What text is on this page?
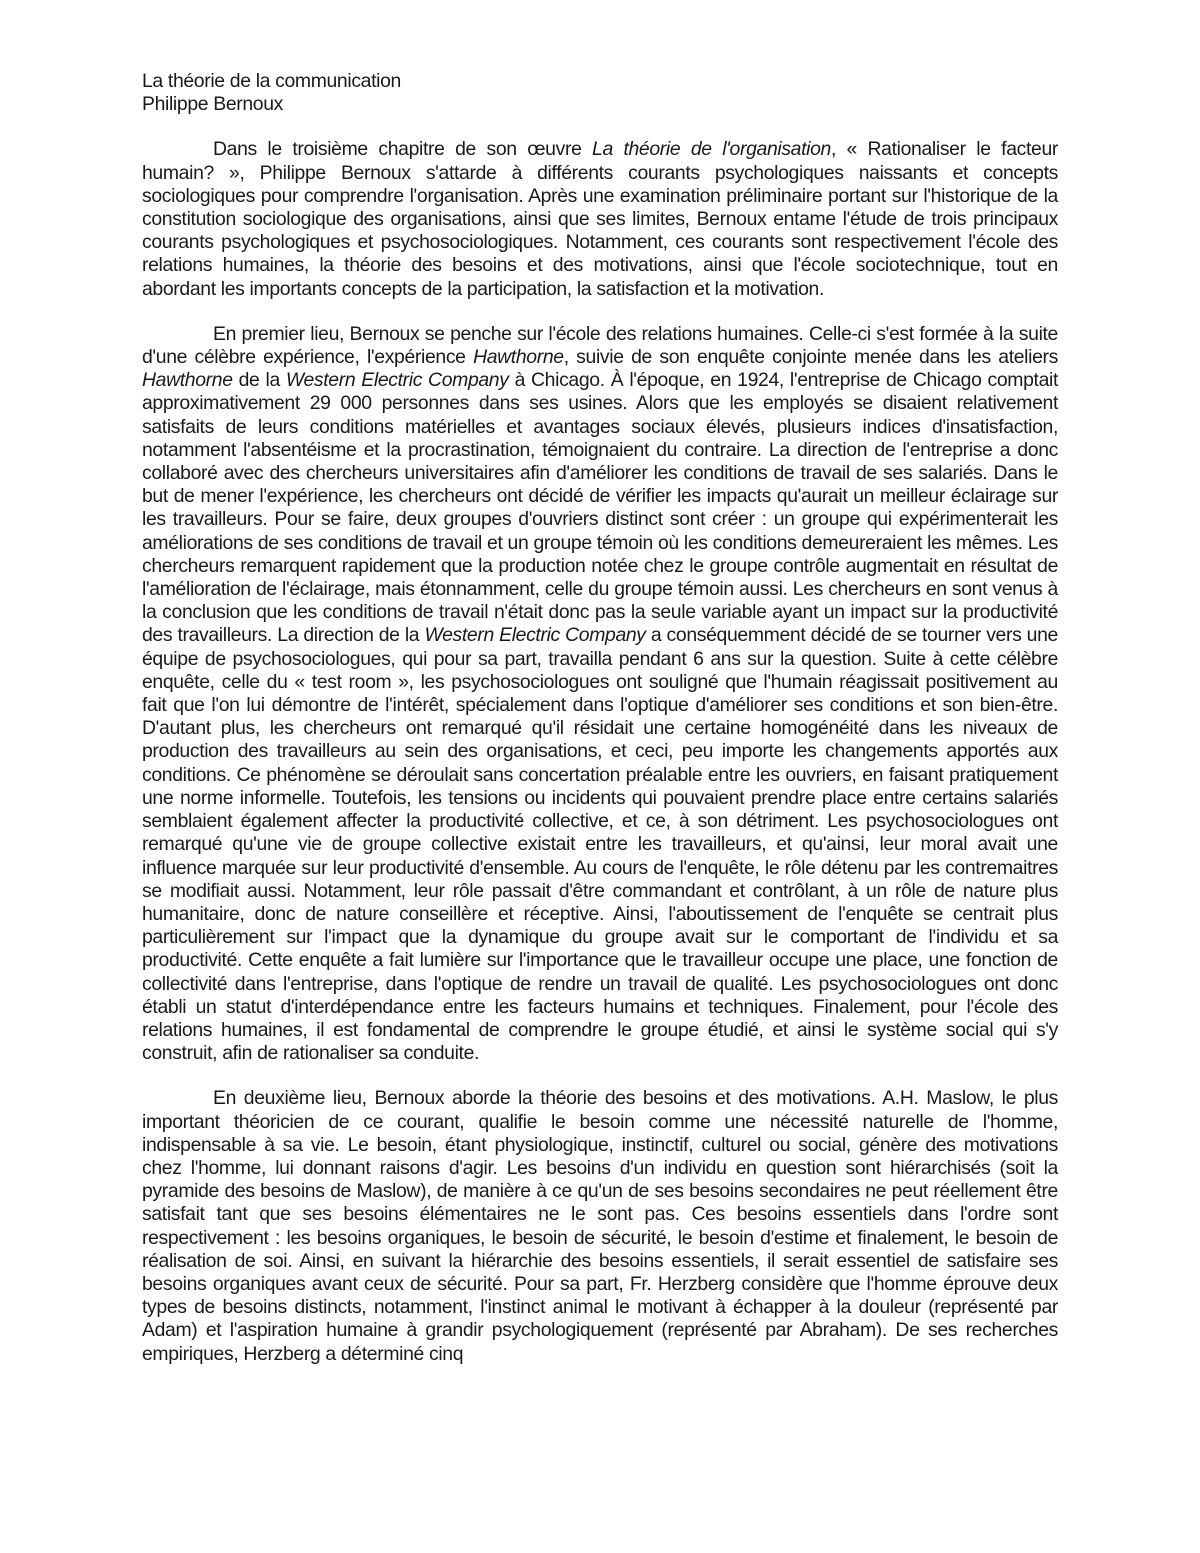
La théorie de la communication

Philippe Bernoux

Dans le troisième chapitre de son œuvre La théorie de l'organisation, « Rationaliser le facteur humain? », Philippe Bernoux s'attarde à différents courants psychologiques naissants et concepts sociologiques pour comprendre l'organisation. Après une examination préliminaire portant sur l'historique de la constitution sociologique des organisations, ainsi que ses limites, Bernoux entame l'étude de trois principaux courants psychologiques et psychosociologiques. Notamment, ces courants sont respectivement l'école des relations humaines, la théorie des besoins et des motivations, ainsi que l'école sociotechnique, tout en abordant les importants concepts de la participation, la satisfaction et la motivation.

En premier lieu, Bernoux se penche sur l'école des relations humaines. Celle-ci s'est formée à la suite d'une célèbre expérience, l'expérience Hawthorne, suivie de son enquête conjointe menée dans les ateliers Hawthorne de la Western Electric Company à Chicago. À l'époque, en 1924, l'entreprise de Chicago comptait approximativement 29 000 personnes dans ses usines. Alors que les employés se disaient relativement satisfaits de leurs conditions matérielles et avantages sociaux élevés, plusieurs indices d'insatisfaction, notamment l'absentéisme et la procrastination, témoignaient du contraire. La direction de l'entreprise a donc collaboré avec des chercheurs universitaires afin d'améliorer les conditions de travail de ses salariés. Dans le but de mener l'expérience, les chercheurs ont décidé de vérifier les impacts qu'aurait un meilleur éclairage sur les travailleurs. Pour se faire, deux groupes d'ouvriers distinct sont créer : un groupe qui expérimenterait les améliorations de ses conditions de travail et un groupe témoin où les conditions demeureraient les mêmes. Les chercheurs remarquent rapidement que la production notée chez le groupe contrôle augmentait en résultat de l'amélioration de l'éclairage, mais étonnamment, celle du groupe témoin aussi. Les chercheurs en sont venus à la conclusion que les conditions de travail n'était donc pas la seule variable ayant un impact sur la productivité des travailleurs. La direction de la Western Electric Company a conséquemment décidé de se tourner vers une équipe de psychosociologues, qui pour sa part, travailla pendant 6 ans sur la question. Suite à cette célèbre enquête, celle du « test room », les psychosociologues ont souligné que l'humain réagissait positivement au fait que l'on lui démontre de l'intérêt, spécialement dans l'optique d'améliorer ses conditions et son bien-être. D'autant plus, les chercheurs ont remarqué qu'il résidait une certaine homogénéité dans les niveaux de production des travailleurs au sein des organisations, et ceci, peu importe les changements apportés aux conditions. Ce phénomène se déroulait sans concertation préalable entre les ouvriers, en faisant pratiquement une norme informelle. Toutefois, les tensions ou incidents qui pouvaient prendre place entre certains salariés semblaient également affecter la productivité collective, et ce, à son détriment. Les psychosociologues ont remarqué qu'une vie de groupe collective existait entre les travailleurs, et qu'ainsi, leur moral avait une influence marquée sur leur productivité d'ensemble. Au cours de l'enquête, le rôle détenu par les contremaitres se modifiait aussi. Notamment, leur rôle passait d'être commandant et contrôlant, à un rôle de nature plus humanitaire, donc de nature conseillère et réceptive. Ainsi, l'aboutissement de l'enquête se centrait plus particulièrement sur l'impact que la dynamique du groupe avait sur le comportant de l'individu et sa productivité. Cette enquête a fait lumière sur l'importance que le travailleur occupe une place, une fonction de collectivité dans l'entreprise, dans l'optique de rendre un travail de qualité. Les psychosociologues ont donc établi un statut d'interdépendance entre les facteurs humains et techniques. Finalement, pour l'école des relations humaines, il est fondamental de comprendre le groupe étudié, et ainsi le système social qui s'y construit, afin de rationaliser sa conduite.

En deuxième lieu, Bernoux aborde la théorie des besoins et des motivations. A.H. Maslow, le plus important théoricien de ce courant, qualifie le besoin comme une nécessité naturelle de l'homme, indispensable à sa vie. Le besoin, étant physiologique, instinctif, culturel ou social, génère des motivations chez l'homme, lui donnant raisons d'agir. Les besoins d'un individu en question sont hiérarchisés (soit la pyramide des besoins de Maslow), de manière à ce qu'un de ses besoins secondaires ne peut réellement être satisfait tant que ses besoins élémentaires ne le sont pas. Ces besoins essentiels dans l'ordre sont respectivement : les besoins organiques, le besoin de sécurité, le besoin d'estime et finalement, le besoin de réalisation de soi. Ainsi, en suivant la hiérarchie des besoins essentiels, il serait essentiel de satisfaire ses besoins organiques avant ceux de sécurité. Pour sa part, Fr. Herzberg considère que l'homme éprouve deux types de besoins distincts, notamment, l'instinct animal le motivant à échapper à la douleur (représenté par Adam) et l'aspiration humaine à grandir psychologiquement (représenté par Abraham). De ses recherches empiriques, Herzberg a déterminé cinq
